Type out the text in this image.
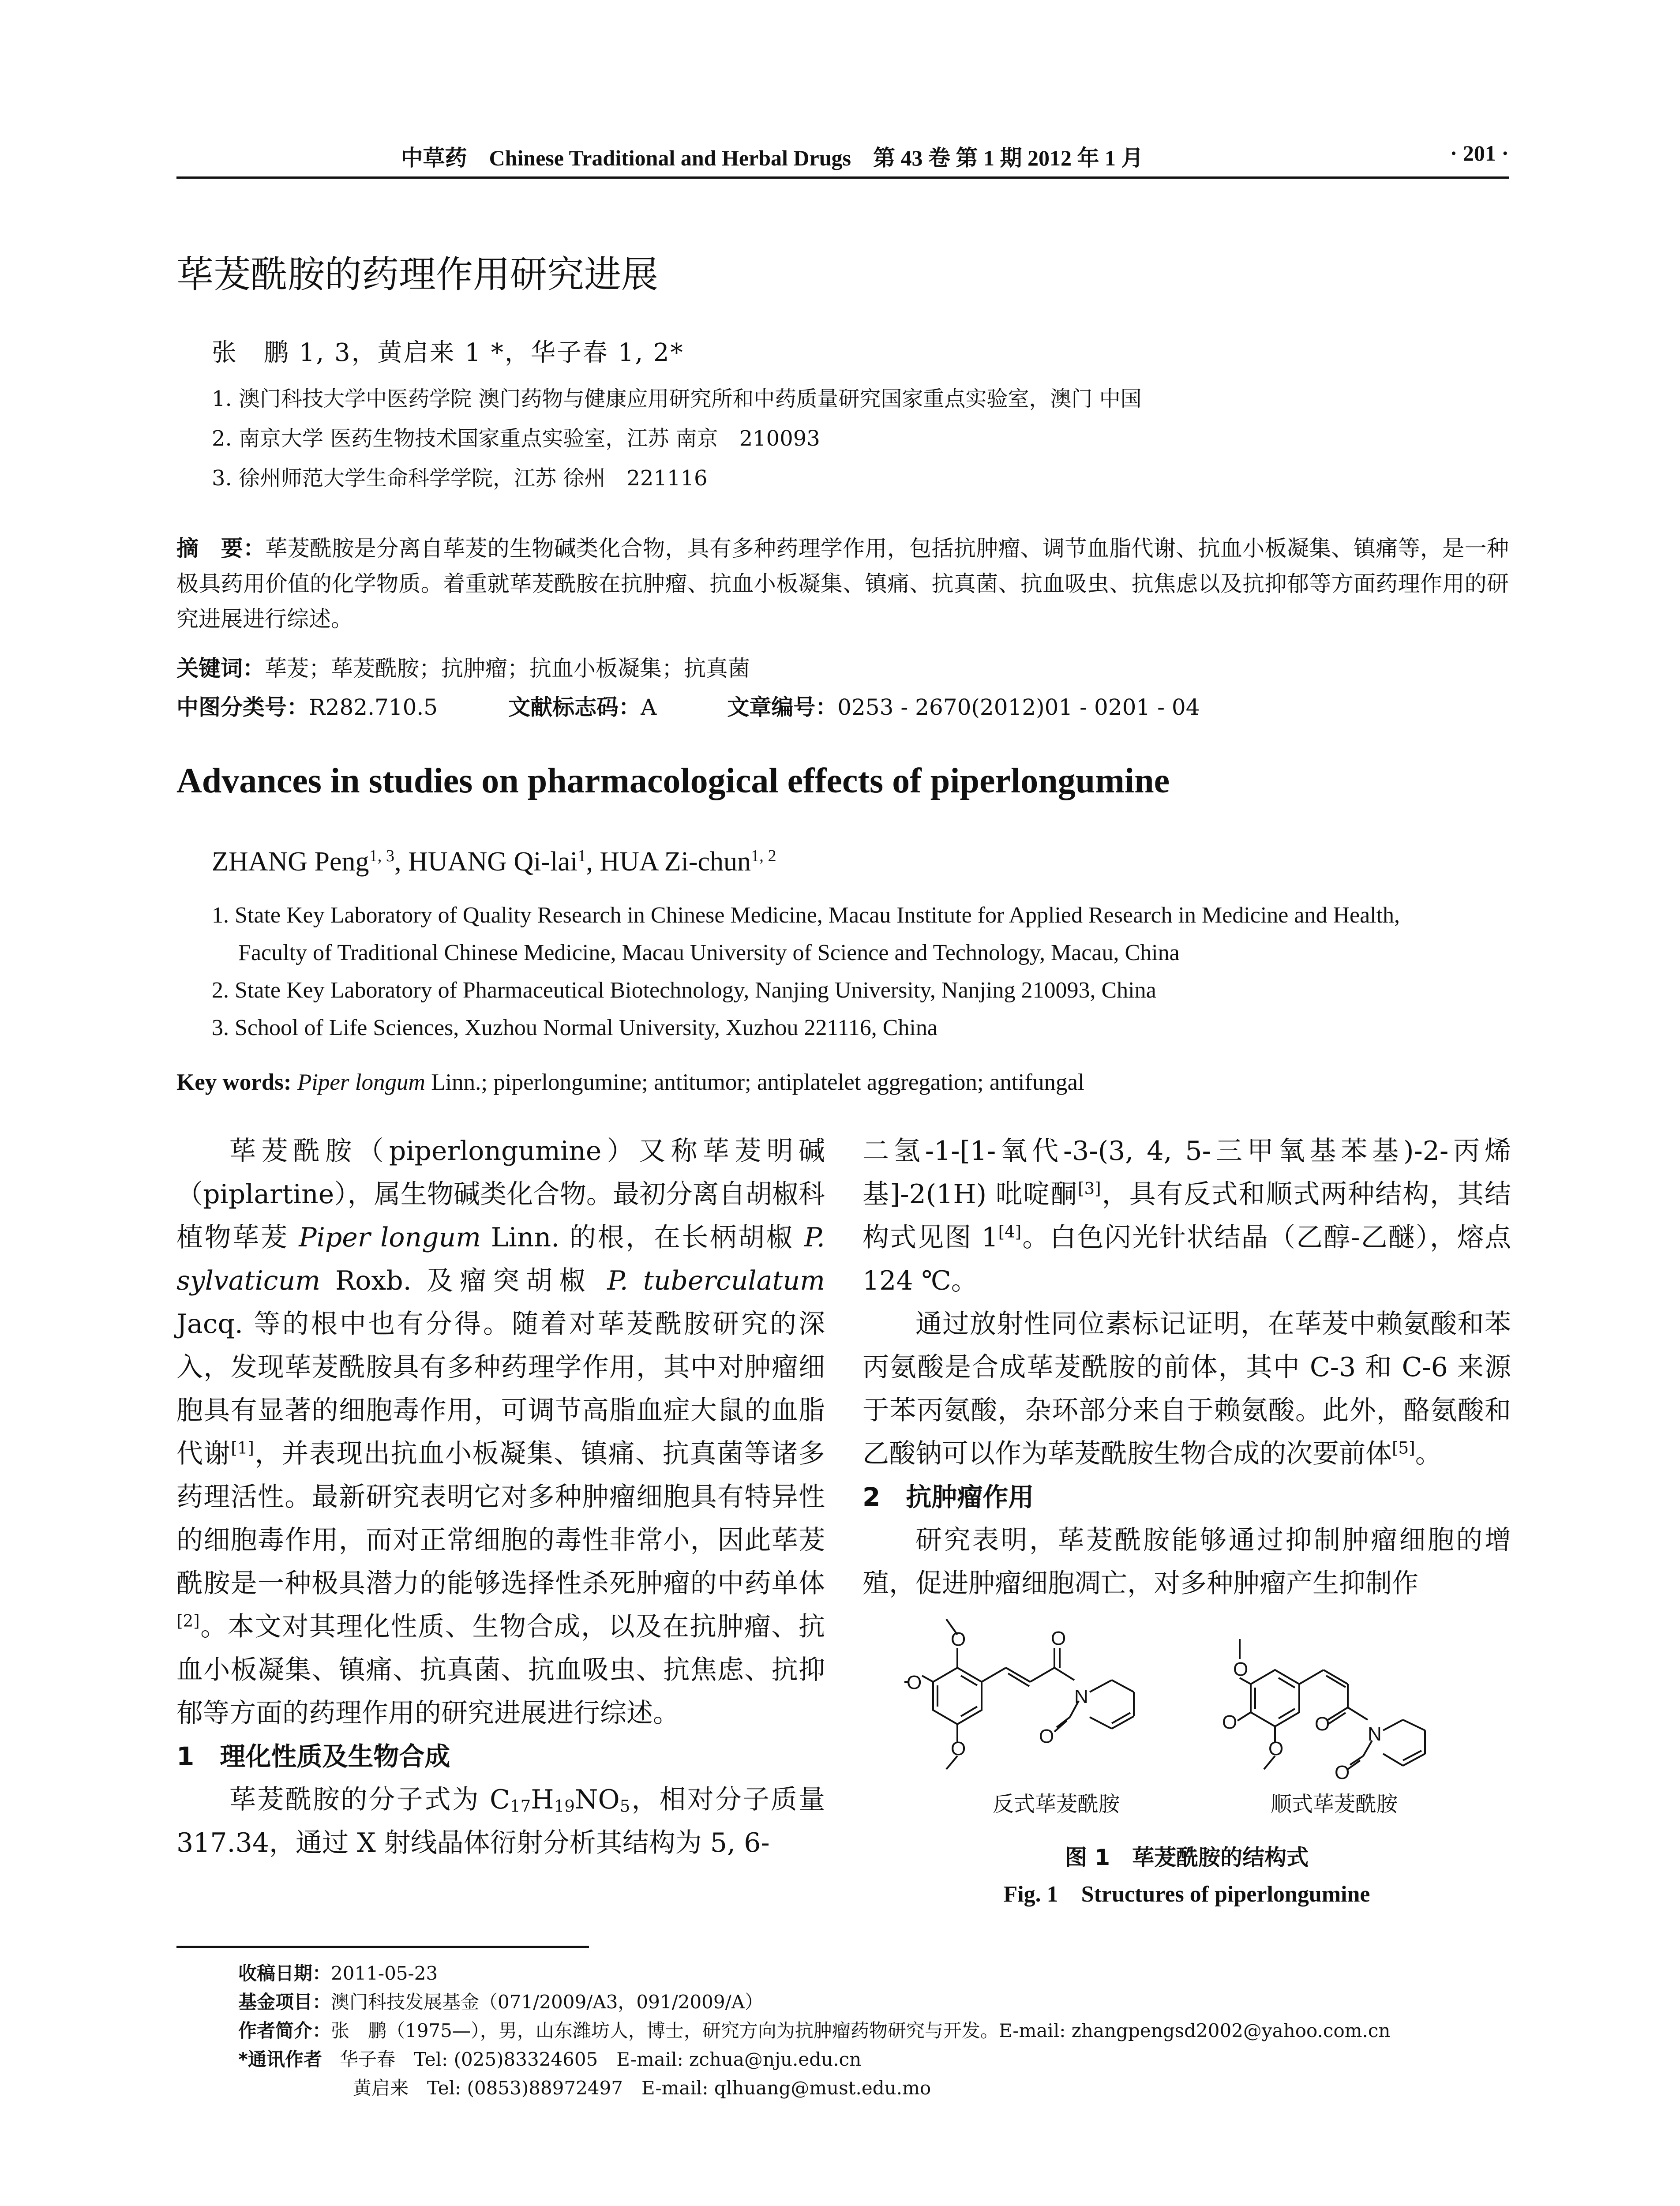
中草药 Chinese Traditional and Herbal Drugs 第 43 卷 第 1 期 2012 年 1 月	· 201 ·
荜茇酰胺的药理作用研究进展
张　鹏 1, 3，黄启来 1 *，华子春 1, 2*
1. 澳门科技大学中医药学院 澳门药物与健康应用研究所和中药质量研究国家重点实验室，澳门 中国
2. 南京大学 医药生物技术国家重点实验室，江苏 南京　210093
3. 徐州师范大学生命科学学院，江苏 徐州　221116
摘　要：荜茇酰胺是分离自荜茇的生物碱类化合物，具有多种药理学作用，包括抗肿瘤、调节血脂代谢、抗血小板凝集、镇痛等，是一种极具药用价值的化学物质。着重就荜茇酰胺在抗肿瘤、抗血小板凝集、镇痛、抗真菌、抗血吸虫、抗焦虑以及抗抑郁等方面药理作用的研究进展进行综述。
关键词：荜茇；荜茇酰胺；抗肿瘤；抗血小板凝集；抗真菌
中图分类号：R282.710.5	文献标志码：A	文章编号：0253 - 2670(2012)01 - 0201 - 04
Advances in studies on pharmacological effects of piperlongumine
ZHANG Peng$^{1, 3}$, HUANG Qi-lai$^1$, HUA Zi-chun$^{1, 2}$
1. State Key Laboratory of Quality Research in Chinese Medicine, Macau Institute for Applied Research in Medicine and Health,
Faculty of Traditional Chinese Medicine, Macau University of Science and Technology, Macau, China
2. State Key Laboratory of Pharmaceutical Biotechnology, Nanjing University, Nanjing 210093, China
3. School of Life Sciences, Xuzhou Normal University, Xuzhou 221116, China
Key words: Piper longum Linn.; piperlongumine; antitumor; antiplatelet aggregation; antifungal

荜茇酰胺（piperlongumine）又称荜茇明碱（piplartine），属生物碱类化合物。最初分离自胡椒科植物荜茇 Piper longum Linn. 的根，在长柄胡椒 P. sylvaticum Roxb. 及瘤突胡椒 P. tuberculatum Jacq. 等的根中也有分得。随着对荜茇酰胺研究的深入，发现荜茇酰胺具有多种药理学作用，其中对肿瘤细胞具有显著的细胞毒作用，可调节高脂血症大鼠的血脂代谢[1]，并表现出抗血小板凝集、镇痛、抗真菌等诸多药理活性。最新研究表明它对多种肿瘤细胞具有特异性的细胞毒作用，而对正常细胞的毒性非常小，因此荜茇酰胺是一种极具潜力的能够选择性杀死肿瘤的中药单体[2]。本文对其理化性质、生物合成，以及在抗肿瘤、抗血小板凝集、镇痛、抗真菌、抗血吸虫、抗焦虑、抗抑郁等方面的药理作用的研究进展进行综述。

1　理化性质及生物合成

荜茇酰胺的分子式为 $C_{17}H_{19}NO_5$，相对分子质量 317.34，通过 X 射线晶体衍射分析其结构为 5, 6-

二氢-1-[1-氧代-3-(3, 4, 5-三甲氧基苯基)-2-丙烯基]-2(1H) 吡啶酮[3]，具有反式和顺式两种结构，其结构式见图 1[4]。白色闪光针状结晶（乙醇-乙醚），熔点 124 ℃。

通过放射性同位素标记证明，在荜茇中赖氨酸和苯丙氨酸是合成荜茇酰胺的前体，其中 C-3 和 C-6 来源于苯丙氨酸，杂环部分来自于赖氨酸。此外，酪氨酸和乙酸钠可以作为荜茇酰胺生物合成的次要前体[5]。

2　抗肿瘤作用

研究表明，荜茇酰胺能够通过抑制肿瘤细胞的增殖，促进肿瘤细胞凋亡，对多种肿瘤产生抑制作

O
O
O
O
N
O
O
O
O
O N
O
反式荜茇酰胺	顺式荜茇酰胺
图 1　荜茇酰胺的结构式
Fig. 1　Structures of piperlongumine
收稿日期：2011-05-23
基金项目：澳门科技发展基金（071/2009/A3，091/2009/A）
作者简介：张　鹏（1975—），男，山东潍坊人，博士，研究方向为抗肿瘤药物研究与开发。E-mail: zhangpengsd2002@yahoo.com.cn
*通讯作者 华子春　Tel: (025)83324605　E-mail: zchua@nju.edu.cn
黄启来　Tel: (0853)88972497　E-mail: qlhuang@must.edu.mo
